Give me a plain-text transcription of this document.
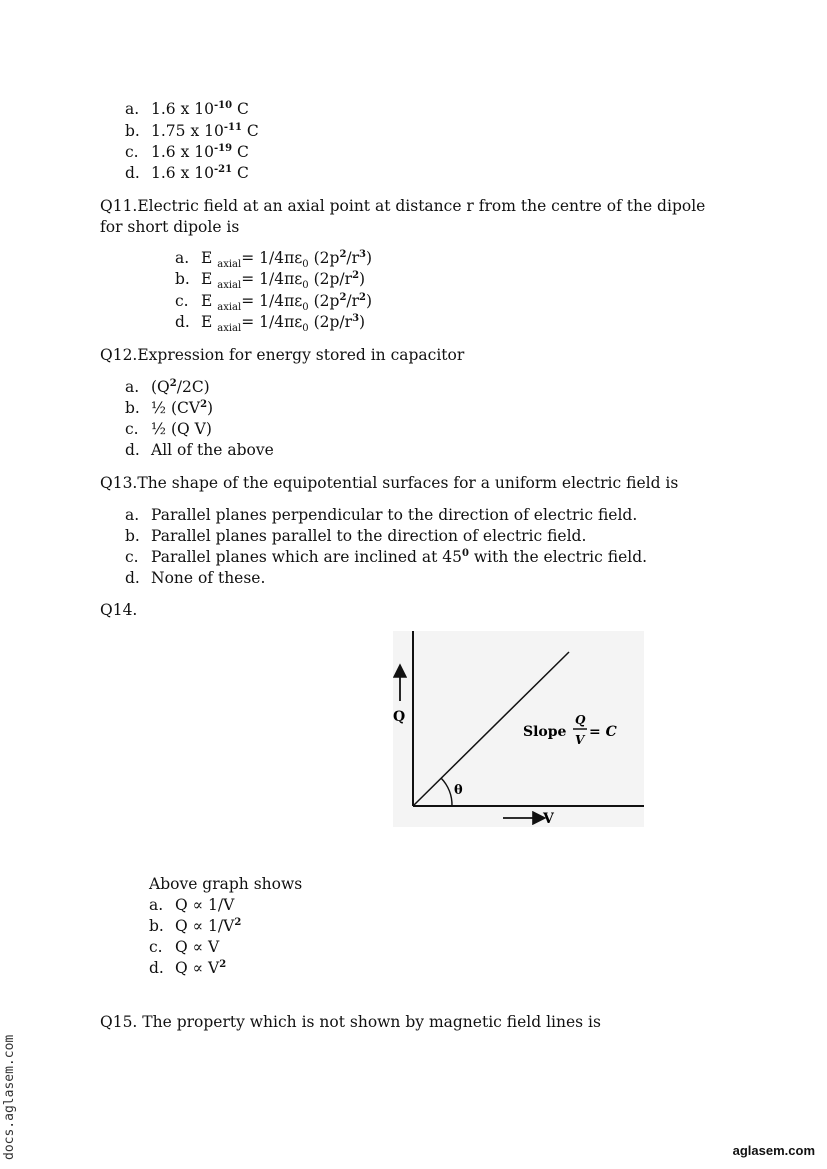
a. 1.6 x $10^{-10}$ C
b. 1.75 x $10^{-11}$ C
c. 1.6 x $10^{-19}$ C
d. 1.6 x $10^{-21}$ C
Q11.Electric field at an axial point at distance r from the centre of the dipole
for short dipole is
a. E $_{axial}= 1/4\pi\varepsilon_0$ $(2p^2/r^3)$
b. E $_{axial}= 1/4\pi\varepsilon_0$ $(2p/r^2)$
c. E $_{axial}= 1/4\pi\varepsilon_0$ $(2p^2/r^2)$
d. E $_{axial}= 1/4\pi\varepsilon_0$ $(2p/r^3)$
Q12.Expression for energy stored in capacitor
a. $(Q^2/2C)$
b. ½ $(CV^2)$
c. ½ (Q V)
d. All of the above
Q13.The shape of the equipotential surfaces for a uniform electric field is
a. Parallel planes perpendicular to the direction of electric field.
b. Parallel planes parallel to the direction of electric field.
c. Parallel planes which are inclined at $45^0$ with the electric field.
d. None of these.
Q14.
Q
V
θ
Slope
Q
V = C
Above graph shows
a. Q ∝ 1/V
b. $Q \propto 1/V^2$
c. Q ∝ V
d. $Q \propto V^2$
Q15. The property which is not shown by magnetic field lines is
docs.aglasem.com	aglasem.com
